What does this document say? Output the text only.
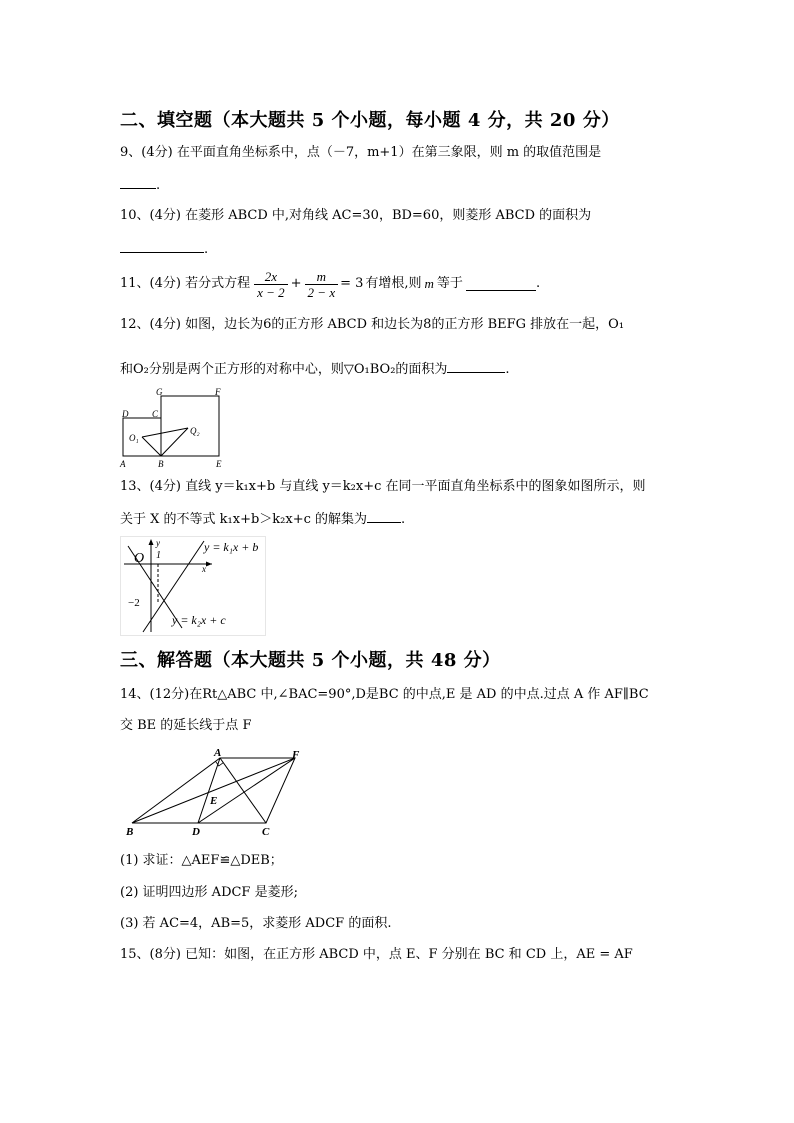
二、填空题（本大题共 5 个小题，每小题 4 分，共 20 分）
9、(4分) 在平面直角坐标系中，点（－7，m+1）在第三象限，则 m 的取值范围是
.
10、(4分) 在菱形 ABCD 中,对角线 AC=30，BD=60，则菱形 ABCD 的面积为
.
11、(4分) 若分式方程 $\frac{2x}{x - 2} + \frac{m}{2 - x} = 3$ 有增根,则 m 等于	.
12、(4分) 如图，边长为6的正方形 ABCD 和边长为8的正方形 BEFG 排放在一起，O₁
和O₂分别是两个正方形的对称中心，则▽O₁BO₂的面积为	.
D	C
G	F
O₁
Q₂
A	B	E
13、(4分) 直线 y＝k₁x+b 与直线 y＝k₂x+c 在同一平面直角坐标系中的图象如图所示，则
关于 X 的不等式 k₁x+b＞k₂x+c 的解集为	.
y = k₁x + b
y = k₂x + c
y
O 1
x
−2
三、解答题（本大题共 5 个小题，共 48 分）
14、(12分)在Rt△ABC 中,∠BAC=90°,D是BC 的中点,E 是 AD 的中点.过点 A 作 AF∥BC
交 BE 的延长线于点 F
A	F
E
B	D	C
(1) 求证：△AEF≌△DEB；
(2) 证明四边形 ADCF 是菱形;
(3) 若 AC=4，AB=5，求菱形 ADCF 的面积.
15、(8分) 已知：如图，在正方形 ABCD 中，点 E、F 分别在 BC 和 CD 上，AE = AF
